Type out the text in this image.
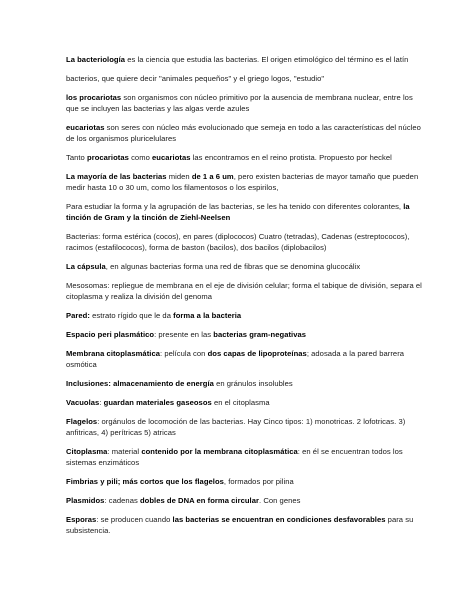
La bacteriología es la ciencia que estudia las bacterias. El origen etimológico del término es el latín

bacterios, que quiere decir "animales pequeños" y el griego logos, "estudio"

los procariotas son organismos con núcleo primitivo por la ausencia de membrana nuclear, entre los que se incluyen las bacterias y las algas verde azules

eucariotas son seres con núcleo más evolucionado que semeja en todo a las características del núcleo de los organismos pluricelulares

Tanto procariotas como eucariotas las encontramos en el reino protista. Propuesto por heckel

La mayoría de las bacterias miden de 1 a 6 um, pero existen bacterias de mayor tamaño que pueden medir hasta 10 o 30 um, como los filamentosos o los espirilos,

Para estudiar la forma y la agrupación de las bacterias, se les ha tenido con diferentes colorantes, la tinción de Gram y la tinción de Ziehl-Neelsen

Bacterias: forma estérica (cocos), en pares (diplococos) Cuatro (tetradas), Cadenas (estreptococos), racimos (estafilococos), forma de baston (bacilos), dos bacilos (diplobacilos)

La cápsula, en algunas bacterias forma una red de fibras que se denomina glucocálix

Mesosomas: repliegue de membrana en el eje de división celular; forma el tabique de división, separa el citoplasma y realiza la división del genoma

Pared: estrato rígido que le da forma a la bacteria

Espacio peri plasmático: presente en las bacterias gram-negativas

Membrana citoplasmática: película con dos capas de lipoproteínas; adosada a la pared barrera osmótica

Inclusiones: almacenamiento de energía en gránulos insolubles

Vacuolas: guardan materiales gaseosos en el citoplasma

Flagelos: orgánulos de locomoción de las bacterias. Hay Cinco tipos: 1) monotricas. 2 lofotricas. 3) anfitricas, 4) perítricas 5) atricas

Citoplasma: material contenido por la membrana citoplasmática: en él se encuentran todos los sistemas enzimáticos

Fimbrias y pili; más cortos que los flagelos, formados por pilina

Plasmidos: cadenas dobles de DNA en forma circular. Con genes

Esporas: se producen cuando las bacterias se encuentran en condiciones desfavorables para su subsistencia.
